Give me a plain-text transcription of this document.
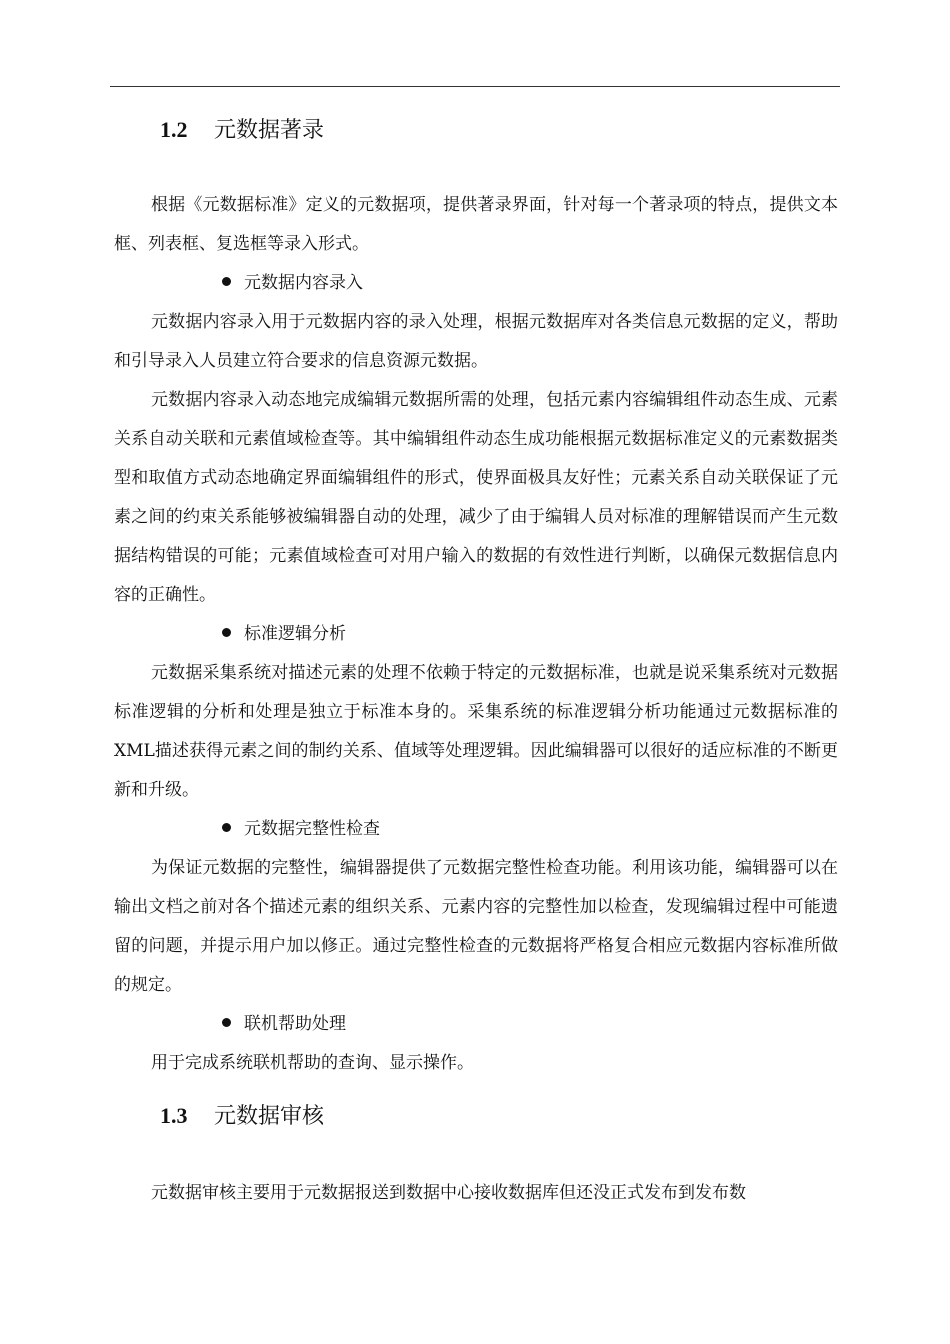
1.2 元数据著录

根据《元数据标准》定义的元数据项，提供著录界面，针对每一个著录项的特点，提供文本框、列表框、复选框等录入形式。

元数据内容录入

元数据内容录入用于元数据内容的录入处理，根据元数据库对各类信息元数据的定义，帮助和引导录入人员建立符合要求的信息资源元数据。

元数据内容录入动态地完成编辑元数据所需的处理，包括元素内容编辑组件动态生成、元素关系自动关联和元素值域检查等。其中编辑组件动态生成功能根据元数据标准定义的元素数据类型和取值方式动态地确定界面编辑组件的形式，使界面极具友好性；元素关系自动关联保证了元素之间的约束关系能够被编辑器自动的处理，减少了由于编辑人员对标准的理解错误而产生元数据结构错误的可能；元素值域检查可对用户输入的数据的有效性进行判断，以确保元数据信息内容的正确性。

标准逻辑分析

元数据采集系统对描述元素的处理不依赖于特定的元数据标准，也就是说采集系统对元数据标准逻辑的分析和处理是独立于标准本身的。采集系统的标准逻辑分析功能通过元数据标准的XML描述获得元素之间的制约关系、值域等处理逻辑。因此编辑器可以很好的适应标准的不断更新和升级。

元数据完整性检查

为保证元数据的完整性，编辑器提供了元数据完整性检查功能。利用该功能，编辑器可以在输出文档之前对各个描述元素的组织关系、元素内容的完整性加以检查，发现编辑过程中可能遗留的问题，并提示用户加以修正。通过完整性检查的元数据将严格复合相应元数据内容标准所做的规定。

联机帮助处理

用于完成系统联机帮助的查询、显示操作。

1.3 元数据审核

元数据审核主要用于元数据报送到数据中心接收数据库但还没正式发布到发布数
